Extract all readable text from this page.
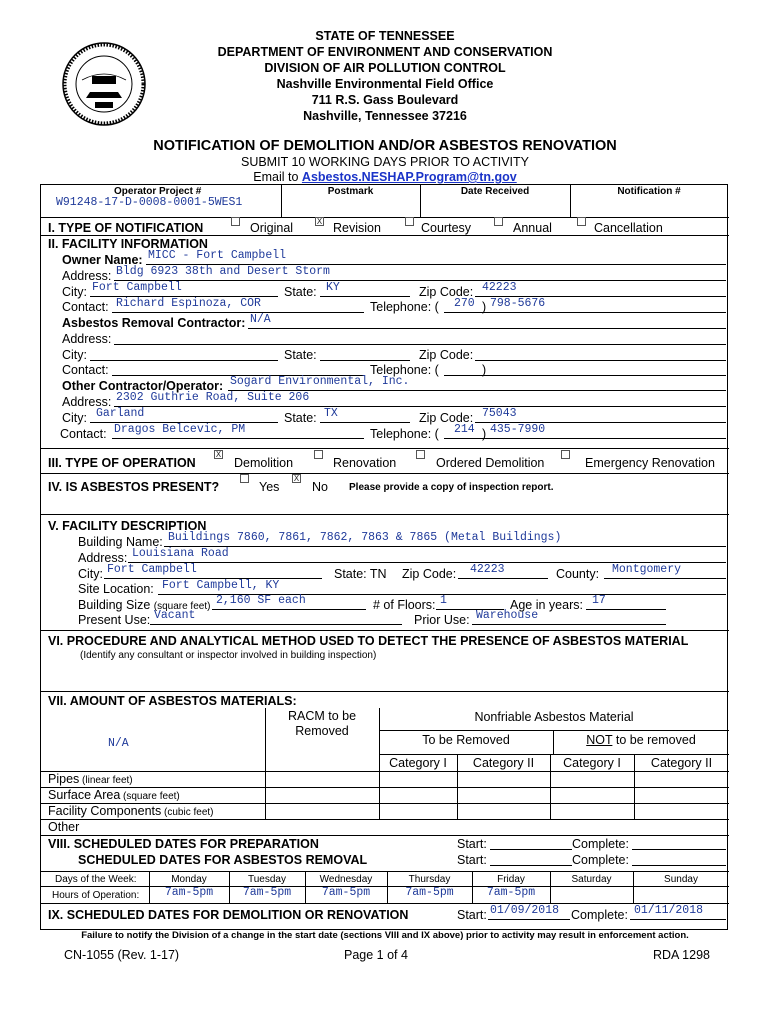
STATE OF TENNESSEE
DEPARTMENT OF ENVIRONMENT AND CONSERVATION
DIVISION OF AIR POLLUTION CONTROL
Nashville Environmental Field Office
711 R.S. Gass Boulevard
Nashville, Tennessee 37216
NOTIFICATION OF DEMOLITION AND/OR ASBESTOS RENOVATION
SUBMIT 10 WORKING DAYS PRIOR TO ACTIVITY
Email to Asbestos.NESHAP.Program@tn.gov
Operator Project #
W91248-17-D-0008-0001-5WES1
Postmark	Date Received	Notification #
I. TYPE OF NOTIFICATION	Original	X Revision	Courtesy	Annual	Cancellation
II. FACILITY INFORMATION
Owner Name: MICC - Fort Campbell
Address: Bldg 6923 38th and Desert Storm
City: Fort Campbell	State: KY	Zip Code: 42223
Contact: Richard Espinoza, COR	Telephone: ( 270 ) 798-5676
Asbestos Removal Contractor: N/A
Address:
City:	State:	Zip Code:
Contact:	Telephone: (	)
Other Contractor/Operator: Sogard Environmental, Inc.
Address: 2302 Guthrie Road, Suite 206
City: Garland	State: TX	Zip Code: 75043
Contact: Dragos Belcevic, PM	Telephone: ( 214 ) 435-7990
III. TYPE OF OPERATION
X
Demolition	Renovation	Ordered Demolition	Emergency Renovation
IV. IS ASBESTOS PRESENT?	Yes
X
No Please provide a copy of inspection report.
V. FACILITY DESCRIPTION
Building Name: Buildings 7860, 7861, 7862, 7863 & 7865 (Metal Buildings)
Address: Louisiana Road
City: Fort Campbell	State: TN Zip Code: 42223	County: Montgomery
Site Location: Fort Campbell, KY
Building Size (square feet) 2,160 SF each	# of Floors: 1	Age in years: 17
Present Use: Vacant	Prior Use: Warehouse
VI. PROCEDURE AND ANALYTICAL METHOD USED TO DETECT THE PRESENCE OF ASBESTOS MATERIAL
(Identify any consultant or inspector involved in building inspection)
VII. AMOUNT OF ASBESTOS MATERIALS:
RACM to be
Removed
Nonfriable Asbestos Material
To be Removed	NOT to be removed
N/A
Category I	Category II	Category I	Category II
Pipes (linear feet)
Surface Area (square feet)
Facility Components (cubic feet)
Other
VIII. SCHEDULED DATES FOR PREPARATION	Start:	Complete:
SCHEDULED DATES FOR ASBESTOS REMOVAL	Start:	Complete:
Days of the Week:
Hours of Operation:
Monday	Tuesday	Wednesday	Thursday	Friday	Saturday	Sunday
7am-5pm	7am-5pm	7am-5pm	7am-5pm	7am-5pm
IX. SCHEDULED DATES FOR DEMOLITION OR RENOVATION	Start: 01/09/2018 Complete: 01/11/2018
Failure to notify the Division of a change in the start date (sections VIII and IX above) prior to activity may result in enforcement action.
CN-1055 (Rev. 1-17)	Page 1 of 4	RDA 1298
